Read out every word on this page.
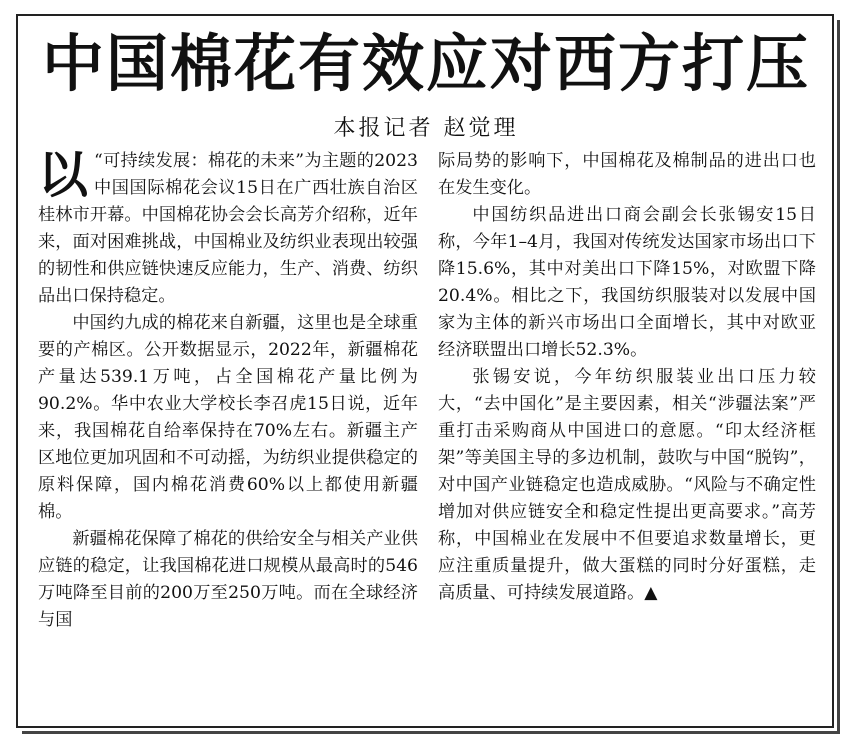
中国棉花有效应对西方打压
本报记者 赵觉理

以 “可持续发展：棉花的未来”为主题的2023中国国际棉花会议15日在广西壮族自治区桂林市开幕。中国棉花协会会长高芳介绍称，近年来，面对困难挑战，中国棉业及纺织业表现出较强的韧性和供应链快速反应能力，生产、消费、纺织品出口保持稳定。

中国约九成的棉花来自新疆，这里也是全球重要的产棉区。公开数据显示，2022年，新疆棉花产量达539.1万吨，占全国棉花产量比例为90.2%。华中农业大学校长李召虎15日说，近年来，我国棉花自给率保持在70%左右。新疆主产区地位更加巩固和不可动摇，为纺织业提供稳定的原料保障，国内棉花消费60%以上都使用新疆棉。

新疆棉花保障了棉花的供给安全与相关产业供应链的稳定，让我国棉花进口规模从最高时的546万吨降至目前的200万至250万吨。而在全球经济与国

际局势的影响下，中国棉花及棉制品的进出口也在发生变化。

中国纺织品进出口商会副会长张锡安15日称，今年1–4月，我国对传统发达国家市场出口下降15.6%，其中对美出口下降15%，对欧盟下降20.4%。相比之下，我国纺织服装对以发展中国家为主体的新兴市场出口全面增长，其中对欧亚经济联盟出口增长52.3%。

张锡安说，今年纺织服装业出口压力较大，“去中国化”是主要因素，相关“涉疆法案”严重打击采购商从中国进口的意愿。“印太经济框架”等美国主导的多边机制，鼓吹与中国“脱钩”，对中国产业链稳定也造成威胁。“风险与不确定性增加对供应链安全和稳定性提出更高要求。”高芳称，中国棉业在发展中不但要追求数量增长，更应注重质量提升，做大蛋糕的同时分好蛋糕，走高质量、可持续发展道路。▲
